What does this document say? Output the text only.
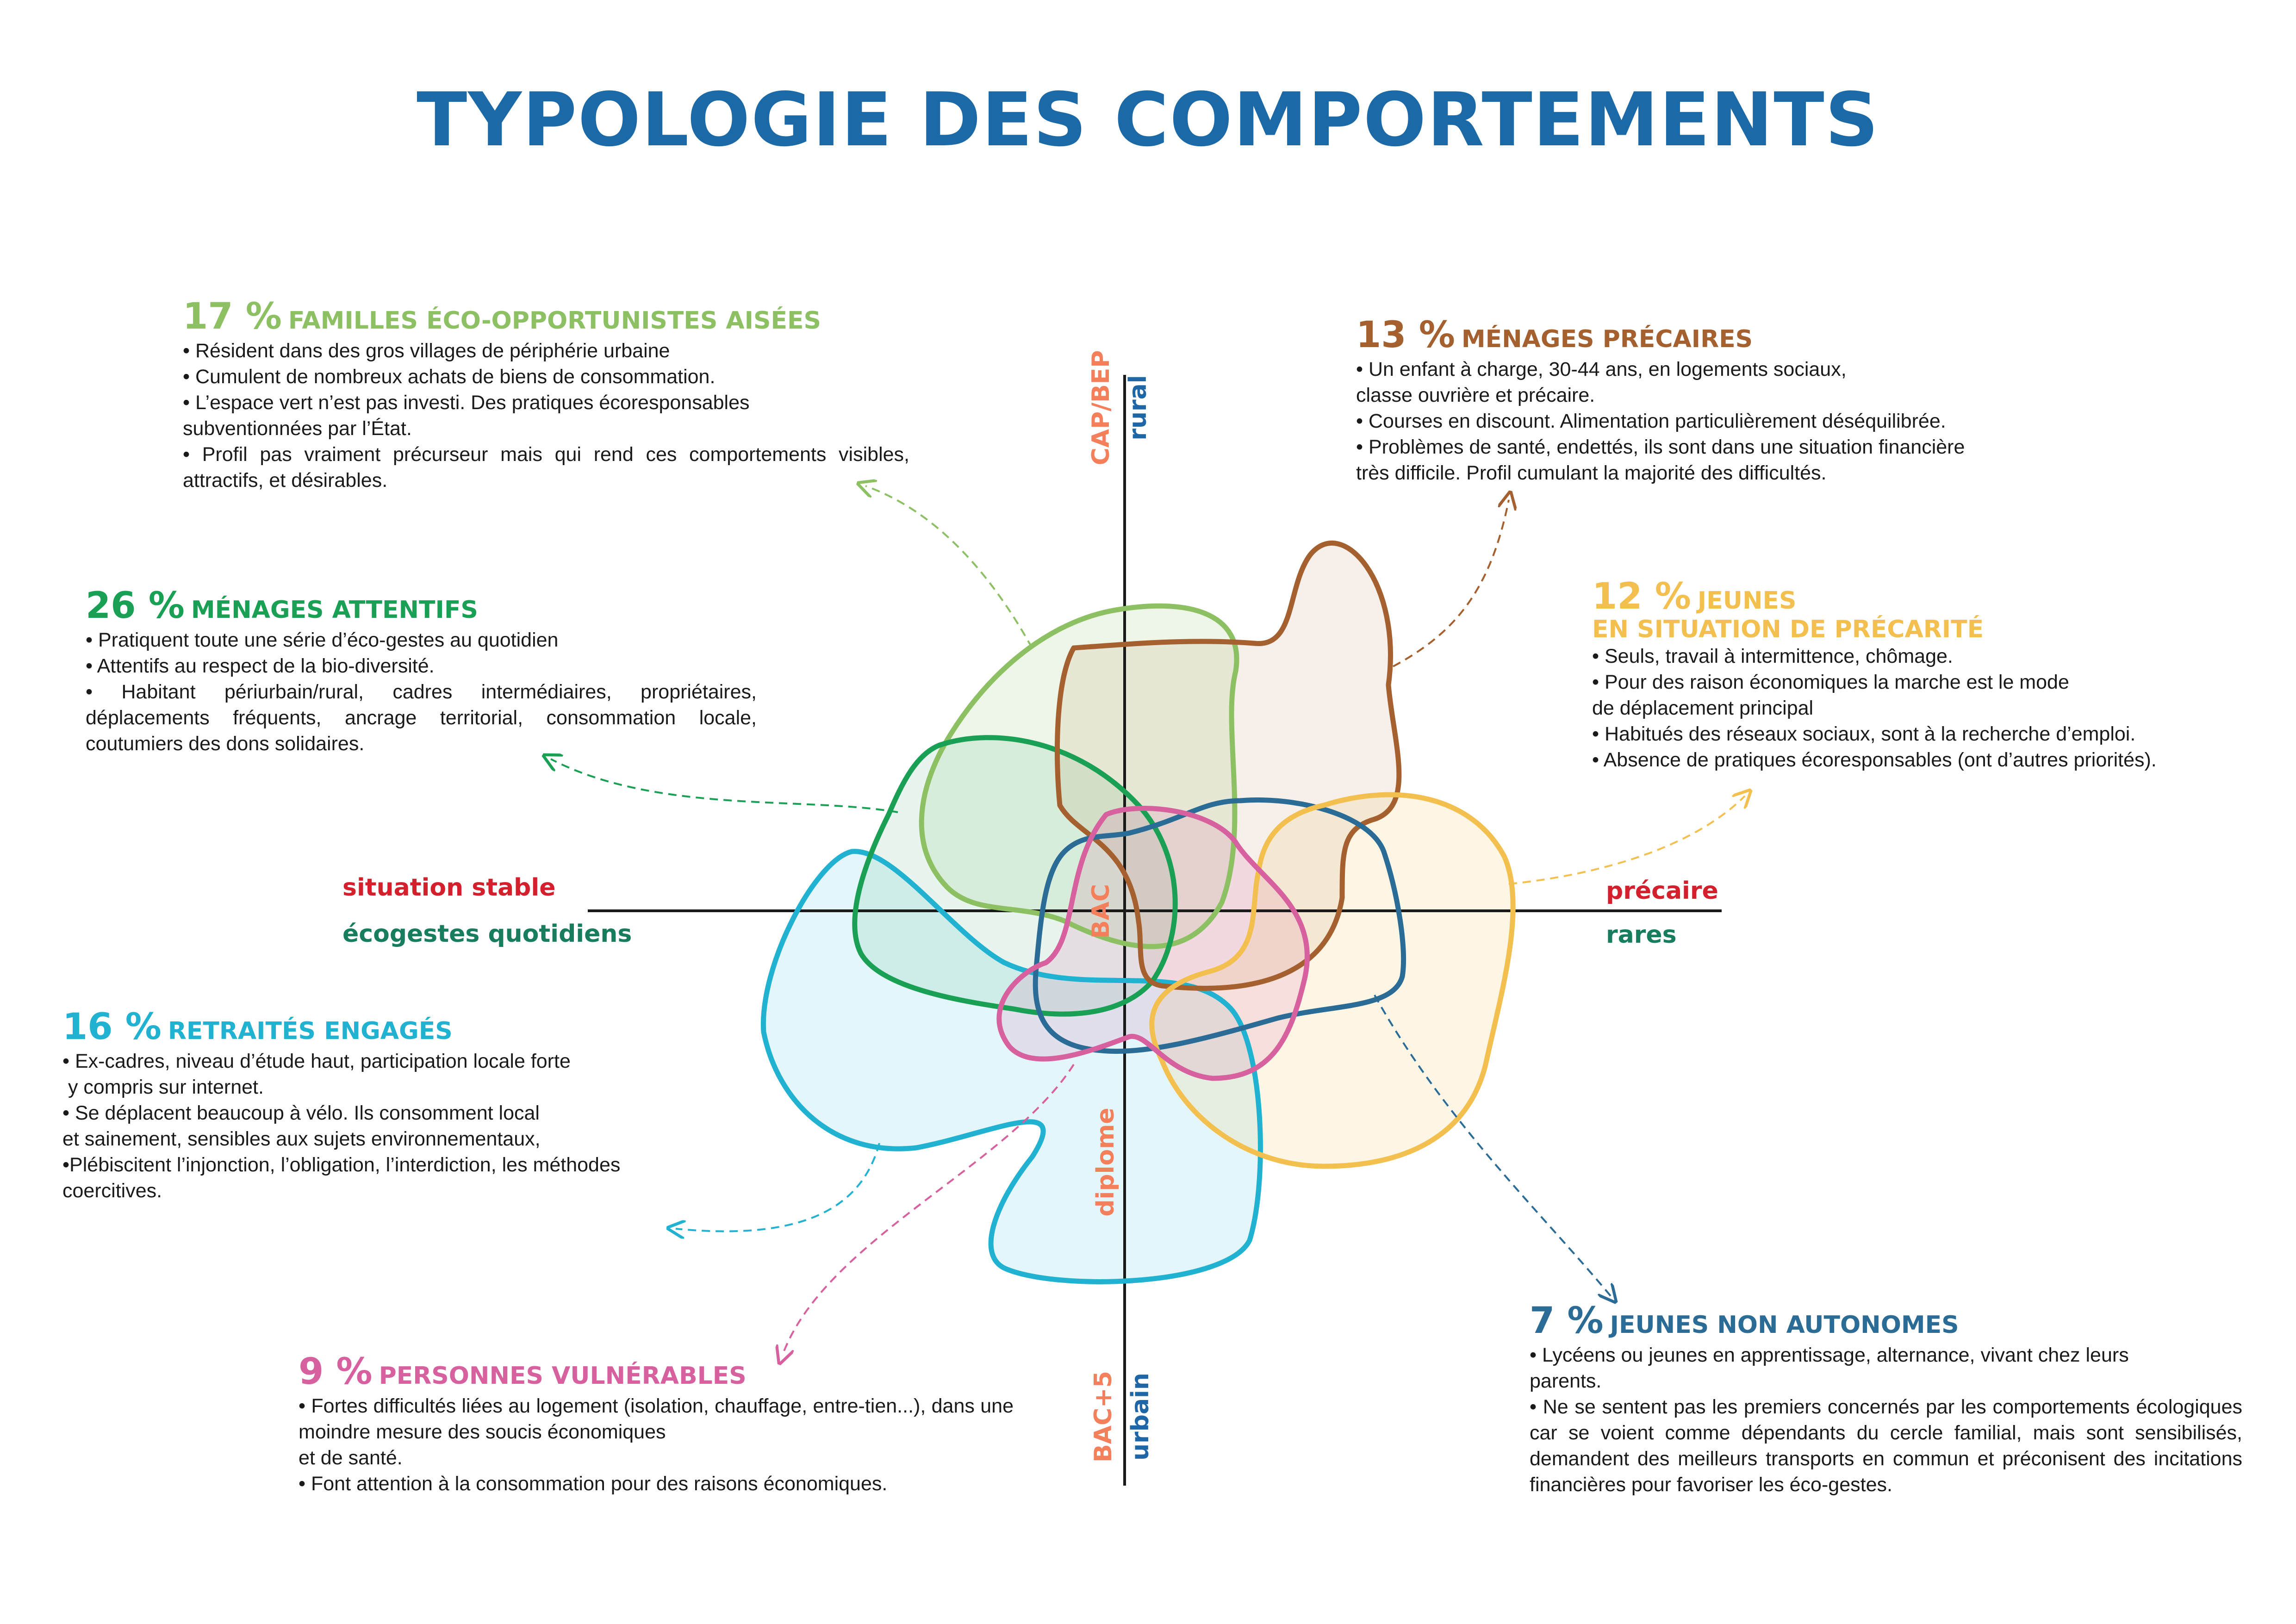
TYPOLOGIE DES COMPORTEMENTS
situation stable
écogestes quotidiens
précaire
rares
CAP/BEP rural
BAC
diplome
BAC+5 urbain
17 % FAMILLES ÉCO-OPPORTUNISTES AISÉES

• Résident dans des gros villages de périphérie urbaine

• Cumulent de nombreux achats de biens de consommation.

• L’espace vert n’est pas investi. Des pratiques écoresponsables

subventionnées par l’État.

• Profil pas vraiment précurseur mais qui rend ces comportements visibles, attractifs, et désirables.

26 % MÉNAGES ATTENTIFS

• Pratiquent toute une série d’éco-gestes au quotidien

• Attentifs au respect de la bio-diversité.

• Habitant périurbain/rural, cadres intermédiaires, propriétaires, déplacements fréquents, ancrage territorial, consommation locale, coutumiers des dons solidaires.

16 % RETRAITÉS ENGAGÉS

• Ex-cadres, niveau d’étude haut, participation locale forte

y compris sur internet.

• Se déplacent beaucoup à vélo. Ils consomment local

et sainement, sensibles aux sujets environnementaux,

•Plébiscitent l’injonction, l’obligation, l’interdiction, les méthodes

coercitives.

9 % PERSONNES VULNÉRABLES

• Fortes difficultés liées au logement (isolation, chauffage, entre-tien...), dans une moindre mesure des soucis économiques

et de santé.

• Font attention à la consommation pour des raisons économiques.

13 % MÉNAGES PRÉCAIRES

• Un enfant à charge, 30-44 ans, en logements sociaux,

classe ouvrière et précaire.

• Courses en discount. Alimentation particulièrement déséquilibrée.

• Problèmes de santé, endettés, ils sont dans une situation financière

très difficile. Profil cumulant la majorité des difficultés.

12 % JEUNES
EN SITUATION DE PRÉCARITÉ

• Seuls, travail à intermittence, chômage.

• Pour des raison économiques la marche est le mode

de déplacement principal

• Habitués des réseaux sociaux, sont à la recherche d’emploi.

• Absence de pratiques écoresponsables (ont d’autres priorités).

7 % JEUNES NON AUTONOMES

• Lycéens ou jeunes en apprentissage, alternance, vivant chez leurs

parents.

• Ne se sentent pas les premiers concernés par les comportements écologiques car se voient comme dépendants du cercle familial, mais sont sensibilisés, demandent des meilleurs transports en commun et préconisent des incitations financières pour favoriser les éco-gestes.
